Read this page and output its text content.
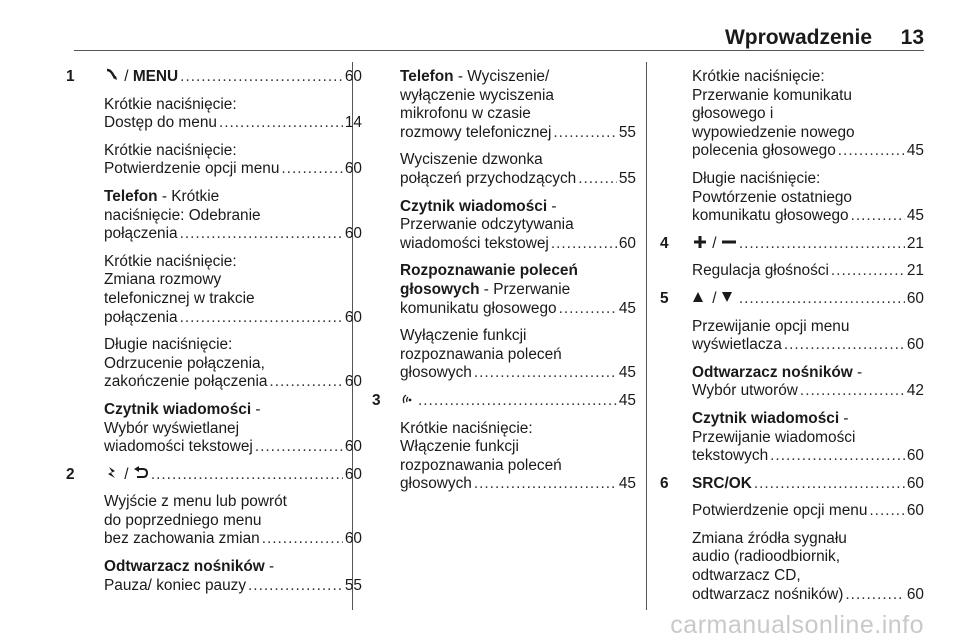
Wprowadzenie 13
1	/ MENU .....	60
Krótkie naciśnięcie:
Dostęp do menu .....	14
Krótkie naciśnięcie:
Potwierdzenie opcji menu .....	60
Telefon - Krótkie
naciśnięcie: Odebranie
połączenia .....	60
Krótkie naciśnięcie:
Zmiana rozmowy
telefonicznej w trakcie
połączenia .....	60
Długie naciśnięcie:
Odrzucenie połączenia,
zakończenie połączenia .....	60
Czytnik wiadomości -
Wybór wyświetlanej
wiadomości tekstowej .....	60
2	/ .....	60
Wyjście z menu lub powrót
do poprzedniego menu
bez zachowania zmian .....	60
Odtwarzacz nośników -
Pauza/ koniec pauzy .....	55
Telefon - Wyciszenie/
wyłączenie wyciszenia
mikrofonu w czasie
rozmowy telefonicznej .....	55
Wyciszenie dzwonka
połączeń przychodzących .....	55
Czytnik wiadomości -
Przerwanie odczytywania
wiadomości tekstowej .....	60
Rozpoznawanie poleceń
głosowych - Przerwanie
komunikatu głosowego .....	45
Wyłączenie funkcji
rozpoznawania poleceń
głosowych .....	45
3 .....	45
Krótkie naciśnięcie:
Włączenie funkcji
rozpoznawania poleceń
głosowych .....	45
Krótkie naciśnięcie:
Przerwanie komunikatu
głosowego i
wypowiedzenie nowego
polecenia głosowego .....	45
Długie naciśnięcie:
Powtórzenie ostatniego
komunikatu głosowego .....	45
4	/ .....	21
Regulacja głośności .....	21
5	/ .....	60
Przewijanie opcji menu
wyświetlacza .....	60
Odtwarzacz nośników -
Wybór utworów .....	42
Czytnik wiadomości -
Przewijanie wiadomości
tekstowych .....	60
6 SRC/OK .....	60
Potwierdzenie opcji menu .....	60
Zmiana źródła sygnału
audio (radioodbiornik,
odtwarzacz CD,
odtwarzacz nośników) .....	60
carmanualsonline.info
